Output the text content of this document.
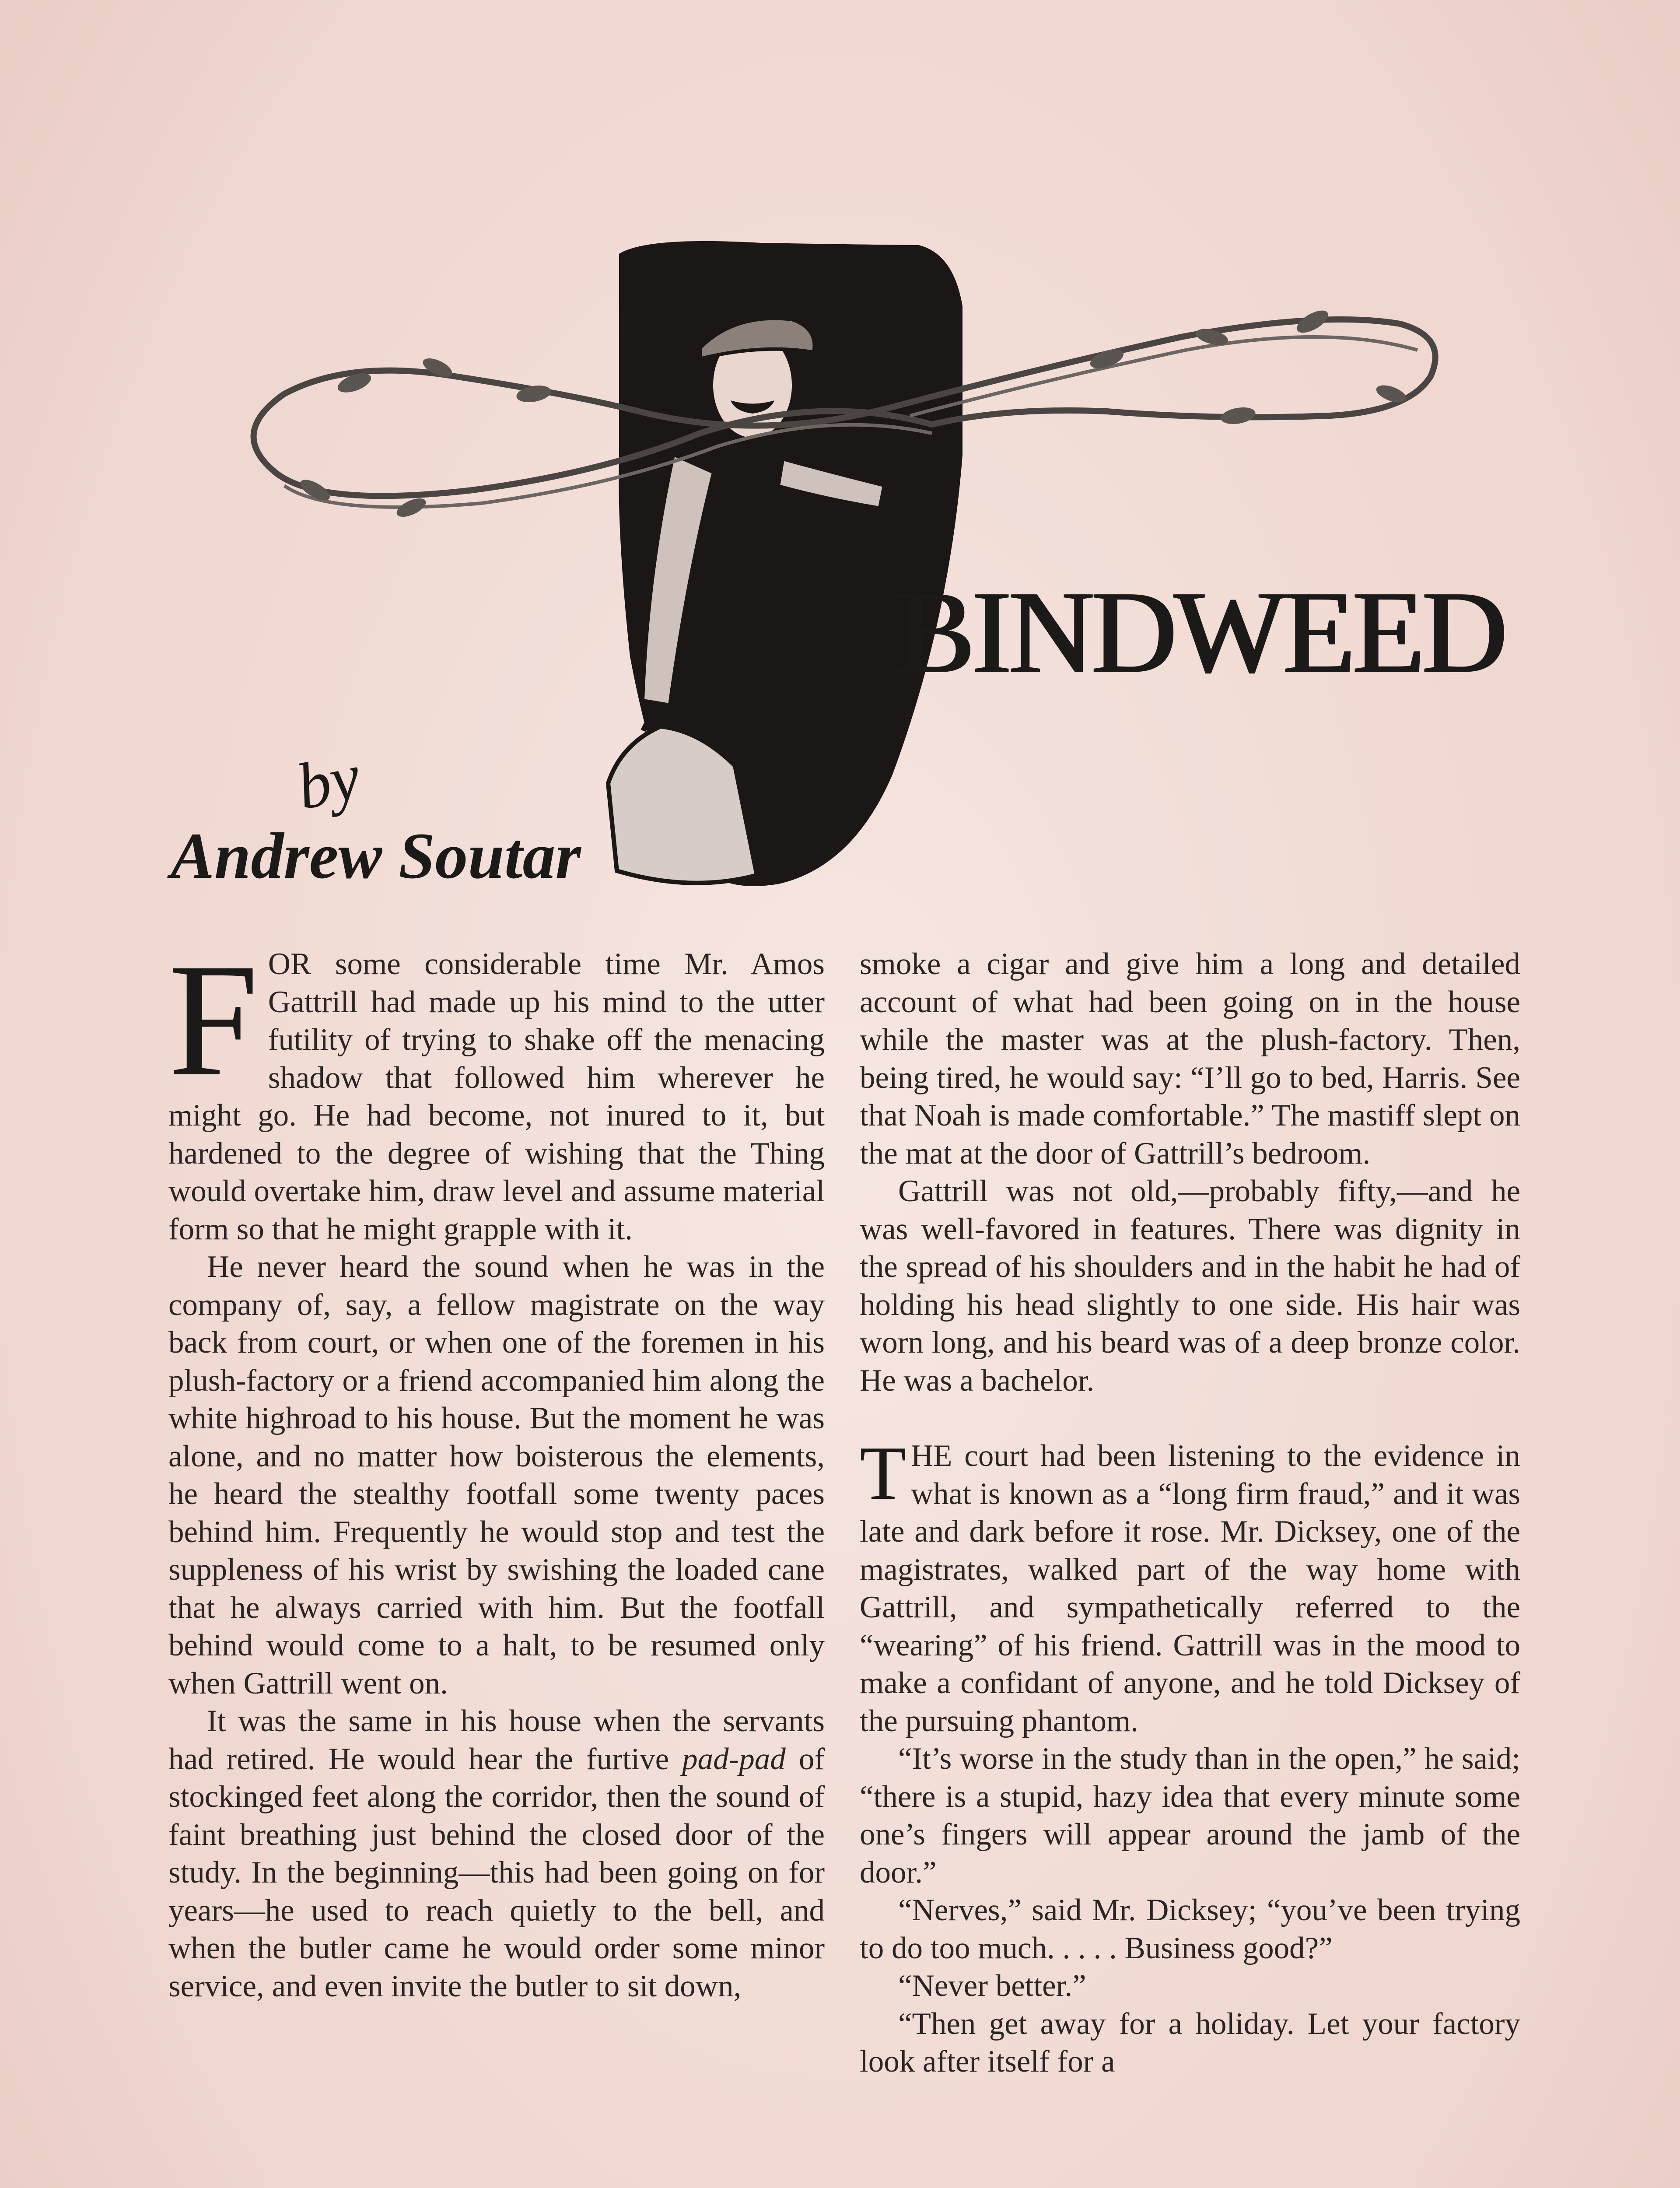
BINDWEED
by
Andrew Soutar

FOR some considerable time Mr. Amos Gattrill had made up his mind to the utter futility of trying to shake off the menacing shadow that followed him wherever he might go. He had become, not inured to it, but hardened to the degree of wishing that the Thing would overtake him, draw level and assume material form so that he might grapple with it.

He never heard the sound when he was in the company of, say, a fellow magistrate on the way back from court, or when one of the foremen in his plush-factory or a friend accompanied him along the white highroad to his house. But the moment he was alone, and no matter how boisterous the elements, he heard the stealthy footfall some twenty paces behind him. Frequently he would stop and test the suppleness of his wrist by swishing the loaded cane that he always carried with him. But the footfall behind would come to a halt, to be resumed only when Gattrill went on.

It was the same in his house when the servants had retired. He would hear the furtive pad-pad of stockinged feet along the corridor, then the sound of faint breathing just behind the closed door of the study. In the beginning—this had been going on for years—he used to reach quietly to the bell, and when the butler came he would order some minor service, and even invite the butler to sit down,

smoke a cigar and give him a long and detailed account of what had been going on in the house while the master was at the plush-factory. Then, being tired, he would say: “I’ll go to bed, Harris. See that Noah is made comfortable.” The mastiff slept on the mat at the door of Gattrill’s bedroom.

Gattrill was not old,—probably fifty,—and he was well-favored in features. There was dignity in the spread of his shoulders and in the habit he had of holding his head slightly to one side. His hair was worn long, and his beard was of a deep bronze color. He was a bachelor.

THE court had been listening to the evidence in what is known as a “long firm fraud,” and it was late and dark before it rose. Mr. Dicksey, one of the magistrates, walked part of the way home with Gattrill, and sympathetically referred to the “wearing” of his friend. Gattrill was in the mood to make a confidant of anyone, and he told Dicksey of the pursuing phantom.

“It’s worse in the study than in the open,” he said; “there is a stupid, hazy idea that every minute some one’s fingers will appear around the jamb of the door.”

“Nerves,” said Mr. Dicksey; “you’ve been trying to do too much. . . . . Business good?”

“Never better.”

“Then get away for a holiday. Let your factory look after itself for a
